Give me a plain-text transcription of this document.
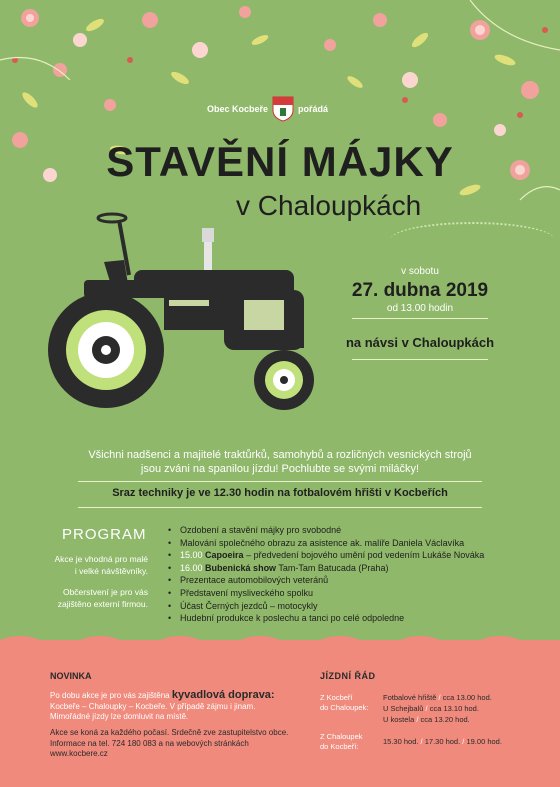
Obec Kocbeře	pořádá
STAVĚNÍ MÁJKY
v Chaloupkách
v sobotu
27. dubna 2019
od 13.00 hodin
na návsi v Chaloupkách
Všichni nadšenci a majitelé traktůrků, samohybů a rozličných vesnických strojů
jsou zváni na spanilou jízdu! Pochlubte se svými miláčky!
Sraz techniky je ve 12.30 hodin na fotbalovém hřišti v Kocbeřích
PROGRAM
Akce je vhodná pro malé
i velké návštěvníky.
Občerstvení je pro vás
zajištěno externí firmou.
• Ozdobení a stavění májky pro svobodné
• Malování společného obrazu za asistence ak. malíře Daniela Václavíka
• 15.00 Capoeira – předvedení bojového umění pod vedením Lukáše Nováka
• 16.00 Bubenická show Tam-Tam Batucada (Praha)
• Prezentace automobilových veteránů
• Představení mysliveckého spolku
• Účast Černých jezdců – motocykly
• Hudební produkce k poslechu a tanci po celé odpoledne
NOVINKA
Po dobu akce je pro vás zajištěna kyvadlová doprava:
Kocbeře – Chaloupky – Kocbeře. V případě zájmu i jinam.
Mimořádné jízdy lze domluvit na místě.
Akce se koná za každého počasí. Srdečně zve zastupitelstvo obce.
Informace na tel. 724 180 083 a na webových stránkách
www.kocbere.cz
JÍZDNÍ ŘÁD
Z Kocbeří
do Chaloupek:
Fotbalové hřiště / cca 13.00 hod.
U Schejbalů / cca 13.10 hod.
U kostela / cca 13.20 hod.
Z Chaloupek
do Kocbeří:
15.30 hod. / 17.30 hod. / 19.00 hod.
